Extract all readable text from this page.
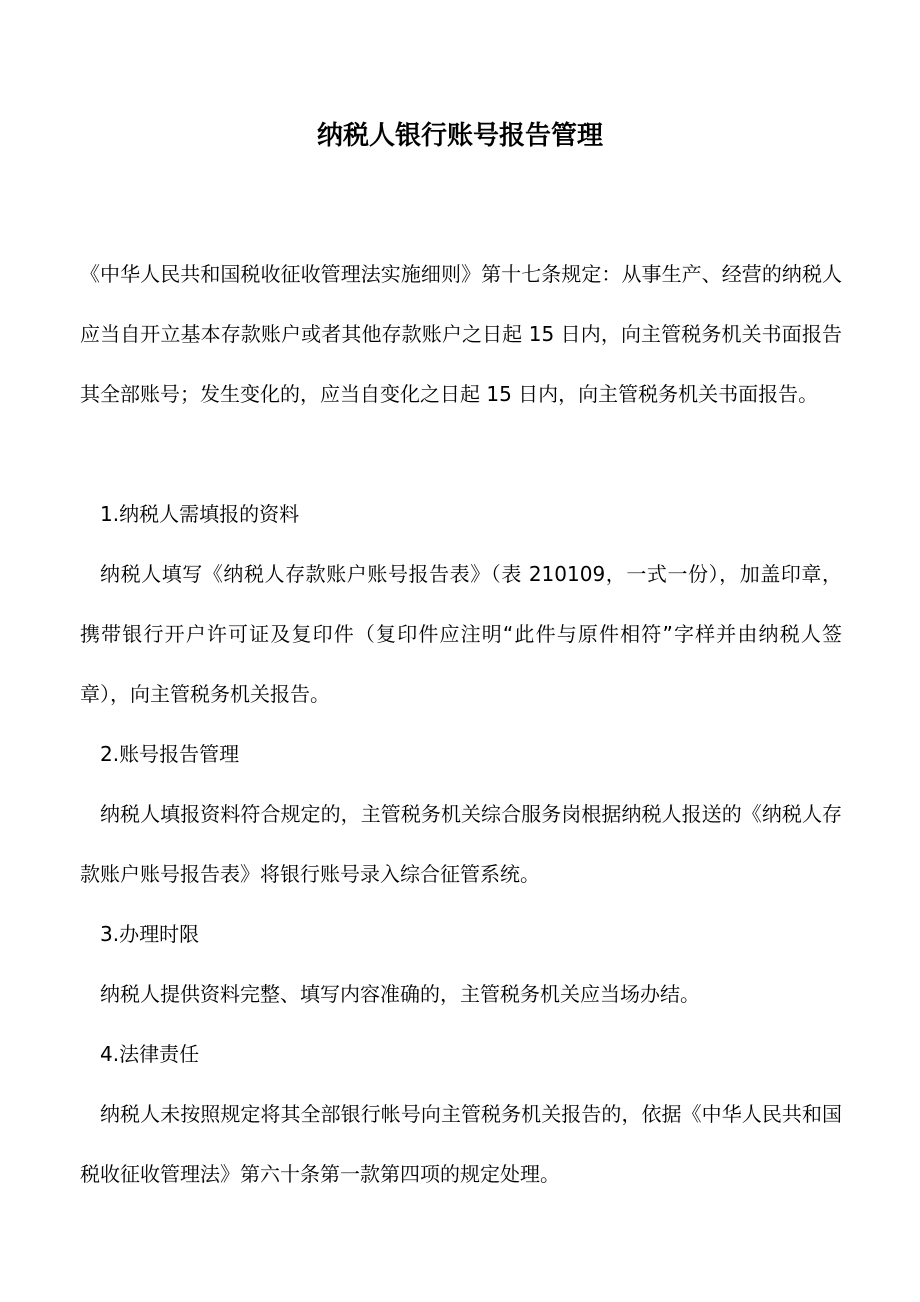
纳税人银行账号报告管理

《中华人民共和国税收征收管理法实施细则》第十七条规定：从事生产、经营的纳税人应当自开立基本存款账户或者其他存款账户之日起 15 日内，向主管税务机关书面报告其全部账号；发生变化的，应当自变化之日起 15 日内，向主管税务机关书面报告。

1.纳税人需填报的资料

纳税人填写《纳税人存款账户账号报告表》（表 210109，一式一份），加盖印章，携带银行开户许可证及复印件（复印件应注明“此件与原件相符”字样并由纳税人签章），向主管税务机关报告。

2.账号报告管理

纳税人填报资料符合规定的，主管税务机关综合服务岗根据纳税人报送的《纳税人存款账户账号报告表》将银行账号录入综合征管系统。

3.办理时限

纳税人提供资料完整、填写内容准确的，主管税务机关应当场办结。

4.法律责任

纳税人未按照规定将其全部银行帐号向主管税务机关报告的，依据《中华人民共和国税收征收管理法》第六十条第一款第四项的规定处理。
